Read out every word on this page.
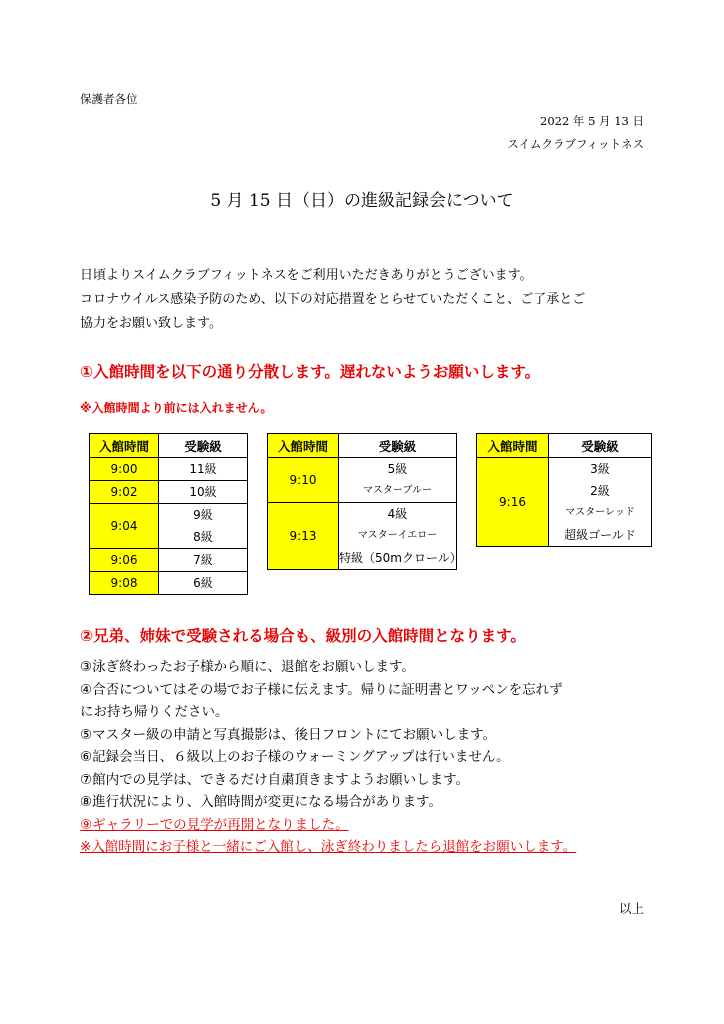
保護者各位
2022 年 5 月 13 日
スイムクラブフィットネス
5 月 15 日（日）の進級記録会について
日頃よりスイムクラブフィットネスをご利用いただきありがとうございます。
コロナウイルス感染予防のため、以下の対応措置をとらせていただくこと、ご了承とご
協力をお願い致します。
①入館時間を以下の通り分散します。遅れないようお願いします。
※入館時間より前には入れません。
入館時間	受験級
9:00	11級
9:02	10級
9:04	9級
8級

9:06	7級
9:08	6級
入館時間	受験級
9:10	5級
マスターブルー

9:13	4級
マスターイエロー
特級（50mクロール）
入館時間	受験級
9:16	3級
2級
マスターレッド
超級ゴールド
②兄弟、姉妹で受験される場合も、級別の入館時間となります。
③泳ぎ終わったお子様から順に、退館をお願いします。
④合否についてはその場でお子様に伝えます。帰りに証明書とワッペンを忘れず
にお持ち帰りください。
⑤マスター級の申請と写真撮影は、後日フロントにてお願いします。
⑥記録会当日、６級以上のお子様のウォーミングアップは行いません。
⑦館内での見学は、できるだけ自粛頂きますようお願いします。
⑧進行状況により、入館時間が変更になる場合があります。
⑨ギャラリーでの見学が再開となりました。
※入館時間にお子様と一緒にご入館し、泳ぎ終わりましたら退館をお願いします。
以上
